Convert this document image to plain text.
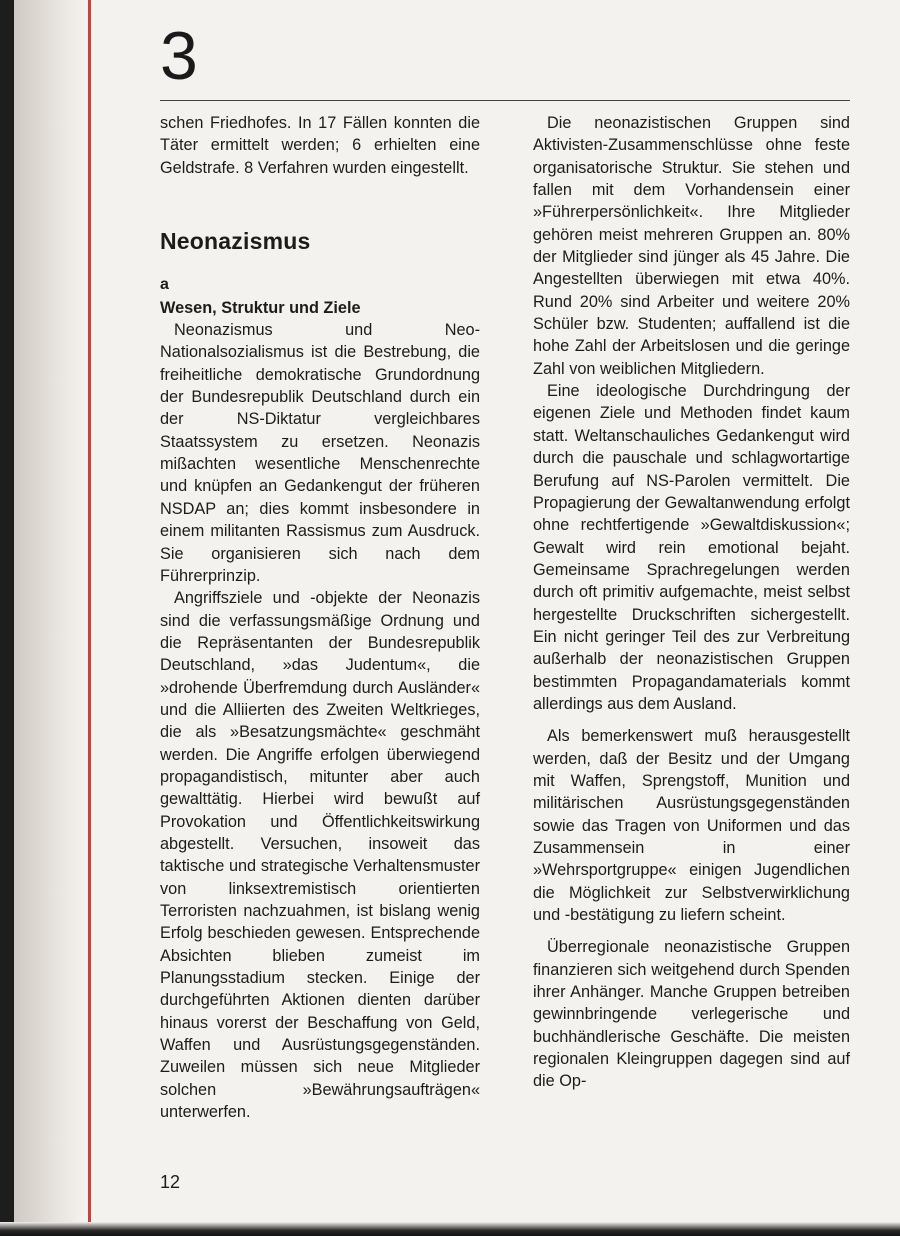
3

schen Friedhofes. In 17 Fällen konnten die Täter ermittelt werden; 6 erhielten eine Geldstrafe. 8 Verfahren wurden eingestellt.

Neonazismus
a
Wesen, Struktur und Ziele

Neonazismus und Neo-Nationalsozialismus ist die Bestrebung, die freiheitliche demokratische Grundordnung der Bundesrepublik Deutschland durch ein der NS-Diktatur vergleichbares Staatssystem zu ersetzen. Neonazis mißachten wesentliche Menschenrechte und knüpfen an Gedankengut der früheren NSDAP an; dies kommt insbesondere in einem militanten Rassismus zum Ausdruck. Sie organisieren sich nach dem Führerprinzip.

Angriffsziele und -objekte der Neonazis sind die verfassungsmäßige Ordnung und die Repräsentanten der Bundesrepublik Deutschland, »das Judentum«, die »drohende Überfremdung durch Ausländer« und die Alliierten des Zweiten Weltkrieges, die als »Besatzungsmächte« geschmäht werden. Die Angriffe erfolgen überwiegend propagandistisch, mitunter aber auch gewalttätig. Hierbei wird bewußt auf Provokation und Öffentlichkeitswirkung abgestellt. Versuchen, insoweit das taktische und strategische Verhaltensmuster von linksextremistisch orientierten Terroristen nachzuahmen, ist bislang wenig Erfolg beschieden gewesen. Entsprechende Absichten blieben zumeist im Planungsstadium stecken. Einige der durchgeführten Aktionen dienten darüber hinaus vorerst der Beschaffung von Geld, Waffen und Ausrüstungsgegenständen. Zuweilen müssen sich neue Mitglieder solchen »Bewährungsaufträgen« unterwerfen.

Die neonazistischen Gruppen sind Aktivisten-Zusammenschlüsse ohne feste organisatorische Struktur. Sie stehen und fallen mit dem Vorhandensein einer »Führerpersönlichkeit«. Ihre Mitglieder gehören meist mehreren Gruppen an. 80% der Mitglieder sind jünger als 45 Jahre. Die Angestellten überwiegen mit etwa 40%. Rund 20% sind Arbeiter und weitere 20% Schüler bzw. Studenten; auffallend ist die hohe Zahl der Arbeitslosen und die geringe Zahl von weiblichen Mitgliedern.

Eine ideologische Durchdringung der eigenen Ziele und Methoden findet kaum statt. Weltanschauliches Gedankengut wird durch die pauschale und schlagwortartige Berufung auf NS-Parolen vermittelt. Die Propagierung der Gewaltanwendung erfolgt ohne rechtfertigende »Gewaltdiskussion«; Gewalt wird rein emotional bejaht. Gemeinsame Sprachregelungen werden durch oft primitiv aufgemachte, meist selbst hergestellte Druckschriften sichergestellt. Ein nicht geringer Teil des zur Verbreitung außerhalb der neonazistischen Gruppen bestimmten Propagandamaterials kommt allerdings aus dem Ausland.

Als bemerkenswert muß herausgestellt werden, daß der Besitz und der Umgang mit Waffen, Sprengstoff, Munition und militärischen Ausrüstungsgegenständen sowie das Tragen von Uniformen und das Zusammensein in einer »Wehrsportgruppe« einigen Jugendlichen die Möglichkeit zur Selbstverwirklichung und -bestätigung zu liefern scheint.

Überregionale neonazistische Gruppen finanzieren sich weitgehend durch Spenden ihrer Anhänger. Manche Gruppen betreiben gewinnbringende verlegerische und buchhändlerische Geschäfte. Die meisten regionalen Kleingruppen dagegen sind auf die Op-

12
